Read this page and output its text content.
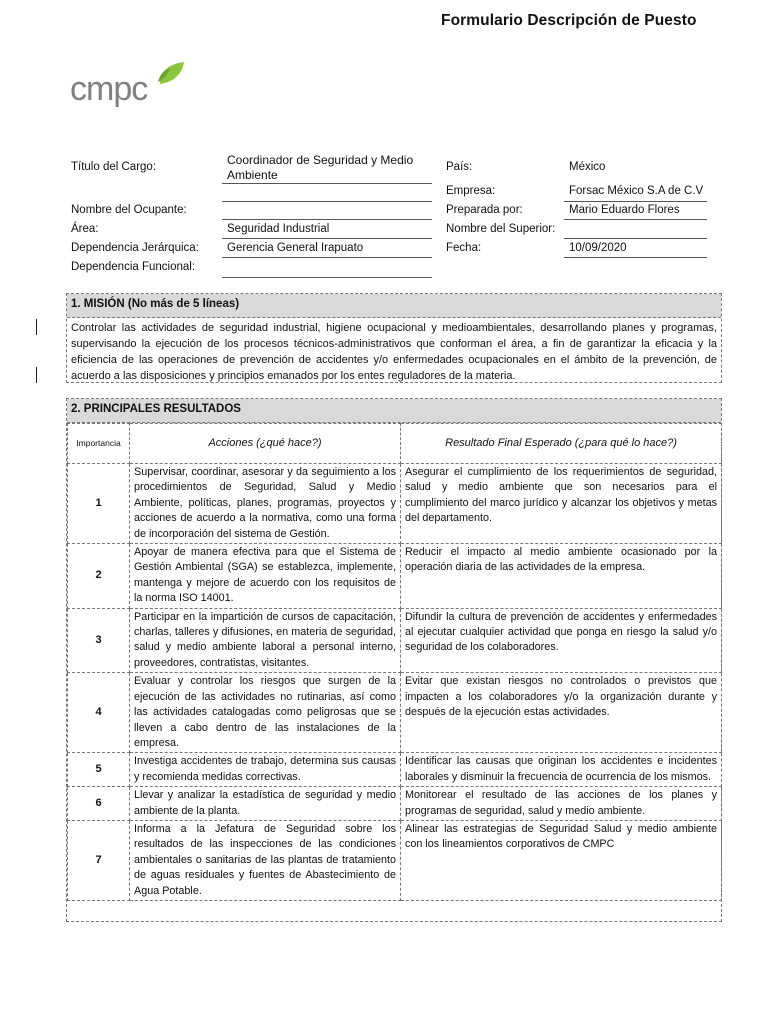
Formulario Descripción de Puesto
cmpc
Título del Cargo:	Coordinador de Seguridad y Medio
Ambiente
Nombre del Ocupante:
Área:	Seguridad Industrial
Dependencia Jerárquica: Gerencia General Irapuato
Dependencia Funcional:
País:	México
Empresa:	Forsac México S.A de C.V
Preparada por:	Mario Eduardo Flores
Nombre del Superior:
Fecha:	10/09/2020
1. MISIÓN (No más de 5 líneas)
Controlar las actividades de seguridad industrial, higiene ocupacional y medioambientales, desarrollando planes y programas, supervisando la ejecución de los procesos técnicos-administrativos que conforman el área, a fin de garantizar la eficacia y la eficiencia de las operaciones de prevención de accidentes y/o enfermedades ocupacionales en el ámbito de la prevención, de acuerdo a las disposiciones y principios emanados por los entes reguladores de la materia.
2. PRINCIPALES RESULTADOS
Importancia	Acciones (¿qué hace?)	Resultado Final Esperado (¿para qué lo hace?)
1	Supervisar, coordinar, asesorar y da seguimiento a los procedimientos de Seguridad, Salud y Medio Ambiente, políticas, planes, programas, proyectos y acciones de acuerdo a la normativa, como una forma de incorporación del sistema de Gestión.	Asegurar el cumplimiento de los requerimientos de seguridad, salud y medio ambiente que son necesarios para el cumplimiento del marco jurídico y alcanzar los objetivos y metas del departamento.
2	Apoyar de manera efectiva para que el Sistema de Gestión Ambiental (SGA) se establezca, implemente, mantenga y mejore de acuerdo con los requisitos de la norma ISO 14001.	Reducir el impacto al medio ambiente ocasionado por la operación diaria de las actividades de la empresa.
3	Participar en la impartición de cursos de capacitación, charlas, talleres y difusiones, en materia de seguridad, salud y medio ambiente laboral a personal interno, proveedores, contratistas, visitantes.	Difundir la cultura de prevención de accidentes y enfermedades al ejecutar cualquier actividad que ponga en riesgo la salud y/o seguridad de los colaboradores.
4	Evaluar y controlar los riesgos que surgen de la ejecución de las actividades no rutinarias, así como las actividades catalogadas como peligrosas que se lleven a cabo dentro de las instalaciones de la empresa.	Evitar que existan riesgos no controlados o previstos que impacten a los colaboradores y/o la organización durante y después de la ejecución estas actividades.
5	Investiga accidentes de trabajo, determina sus causas y recomienda medidas correctivas.	Identificar las causas que originan los accidentes e incidentes laborales y disminuir la frecuencia de ocurrencia de los mismos.
6	Llevar y analizar la estadística de seguridad y medio ambiente de la planta.	Monitorear el resultado de las acciones de los planes y programas de seguridad, salud y medio ambiente.
7	Informa a la Jefatura de Seguridad sobre los resultados de las inspecciones de las condiciones ambientales o sanitarias de las plantas de tratamiento de aguas residuales y fuentes de Abastecimiento de Agua Potable.	Alinear las estrategias de Seguridad Salud y medio ambiente con los lineamientos corporativos de CMPC
